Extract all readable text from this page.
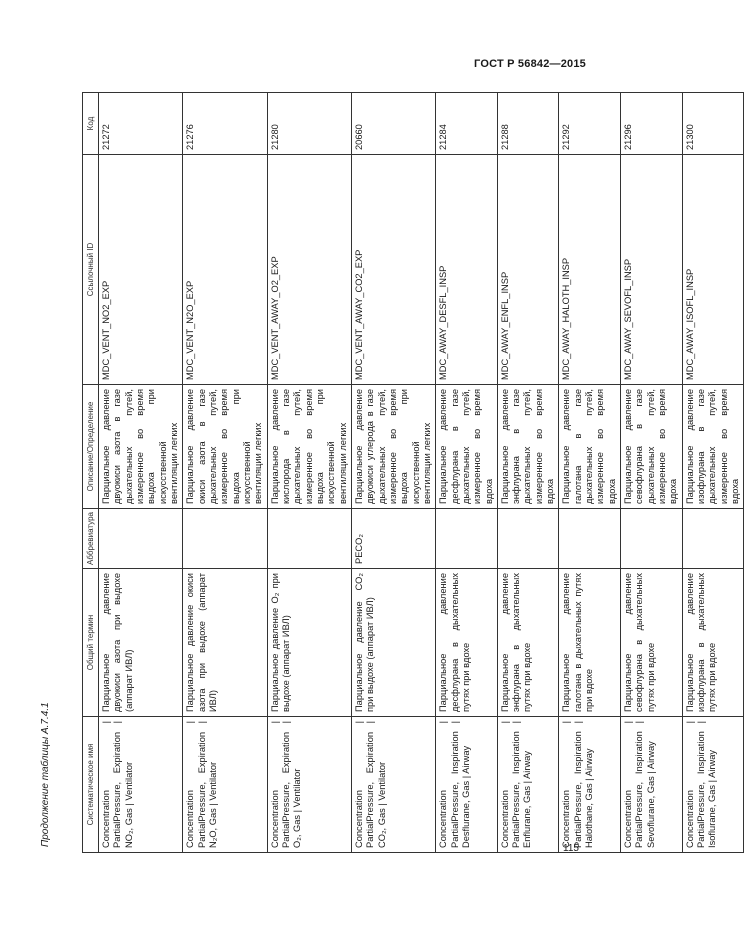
ГОСТ Р 56842—2015
Продолжение таблицы А.7.4.1	Систематическое имя	Общий термин	Аббревиатура	Описание/Определение	Ссылочный ID	Код
Concentration | PartialPressure, Expiration | NO₂, Gas | Ventilator	Парциальное давление двуокиси азота при выдохе (аппарат ИВЛ)		Парциальное давление двуокиси азота в газе дыхательных путей, измеренное во время выдоха при искусственной вентиляции легких	MDC_VENT_NO2_EXP	21272
Concentration | PartialPressure, Expiration | N₂O, Gas | Ventilator	Парциальное давление окиси азота при выдохе (аппарат ИВЛ)		Парциальное давление окиси азота в газе дыхательных путей, измеренное во время выдоха при искусственной вентиляции легких	MDC_VENT_N2O_EXP	21276
Concentration | PartialPressure, Expiration | O₂, Gas | Ventilator	Парциальное давление O₂ при выдохе (аппарат ИВЛ)		Парциальное давление кислорода в газе дыхательных путей, измеренное во время выдоха при искусственной вентиляции легких	MDC_VENT_AWAY_O2_EXP	21280
Concentration | PartialPressure, Expiration | CO₂, Gas | Ventilator	Парциальное давление CO₂ при выдохе (аппарат ИВЛ)	PECO₂	Парциальное давление двуокиси углерода в газе дыхательных путей, измеренное во время выдоха при искусственной вентиляции легких	MDC_VENT_AWAY_CO2_EXP	20660
Concentration | PartialPressure, Inspiration | Desflurane, Gas | Airway	Парциальное давление десфлурана в дыхательных путях при вдохе		Парциальное давление десфлурана в газе дыхательных путей, измеренное во время вдоха	MDC_AWAY_DESFL_INSP	21284
Concentration | PartialPressure, Inspiration | Enflurane, Gas | Airway	Парциальное давление энфлурана в дыхательных путях при вдохе		Парциальное давление энфлурана в газе дыхательных путей, измеренное во время вдоха	MDC_AWAY_ENFL_INSP	21288
Concentration | PartialPressure, Inspiration | Halothane, Gas | Airway	Парциальное давление галотана в дыхательных путях при вдохе		Парциальное давление галотана в газе дыхательных путей, измеренное во время вдоха	MDC_AWAY_HALOTH_INSP	21292
Concentration | PartialPressure, Inspiration | Sevoflurane, Gas | Airway	Парциальное давление севофлурана в дыхательных путях при вдохе		Парциальное давление севофлурана в газе дыхательных путей, измеренное во время вдоха	MDC_AWAY_SEVOFL_INSP	21296
Concentration | PartialPressure, Inspiration | Isoflurane, Gas | Airway	Парциальное давление изофлурана в дыхательных путях при вдохе		Парциальное давление изофлурана в газе дыхательных путей, измеренное во время вдоха	MDC_AWAY_ISOFL_INSP	21300
115
